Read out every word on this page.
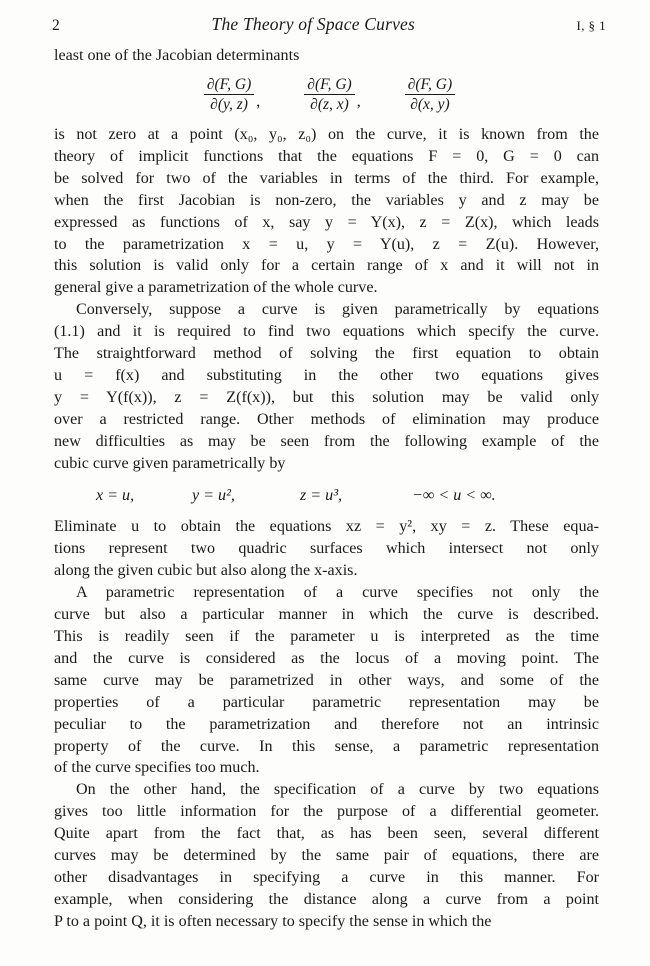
2	The Theory of Space Curves	I, § 1

least one of the Jacobian determinants

$\frac{\partial(F, G)}{\partial(y, z)}$ ,	$\frac{\partial(F, G)}{\partial(z, x)}$ ,	$\frac{\partial(F, G)}{\partial(x, y)}$

is not zero at a point (x₀, y₀, z₀) on the curve, it is known from the

theory of implicit functions that the equations F = 0, G = 0 can

be solved for two of the variables in terms of the third. For example,

when the first Jacobian is non-zero, the variables y and z may be

expressed as functions of x, say y = Y(x), z = Z(x), which leads

to the parametrization x = u, y = Y(u), z = Z(u). However,

this solution is valid only for a certain range of x and it will not in

general give a parametrization of the whole curve.

Conversely, suppose a curve is given parametrically by equations

(1.1) and it is required to find two equations which specify the curve.

The straightforward method of solving the first equation to obtain

u = f(x) and substituting in the other two equations gives

y = Y(f(x)), z = Z(f(x)), but this solution may be valid only

over a restricted range. Other methods of elimination may produce

new difficulties as may be seen from the following example of the

cubic curve given parametrically by

x = u,	y = u²,	z = u³,	−∞ < u < ∞.

Eliminate u to obtain the equations xz = y², xy = z. These equa-

tions represent two quadric surfaces which intersect not only

along the given cubic but also along the x-axis.

A parametric representation of a curve specifies not only the

curve but also a particular manner in which the curve is described.

This is readily seen if the parameter u is interpreted as the time

and the curve is considered as the locus of a moving point. The

same curve may be parametrized in other ways, and some of the

properties of a particular parametric representation may be

peculiar to the parametrization and therefore not an intrinsic

property of the curve. In this sense, a parametric representation

of the curve specifies too much.

On the other hand, the specification of a curve by two equations

gives too little information for the purpose of a differential geometer.

Quite apart from the fact that, as has been seen, several different

curves may be determined by the same pair of equations, there are

other disadvantages in specifying a curve in this manner. For

example, when considering the distance along a curve from a point

P to a point Q, it is often necessary to specify the sense in which the
